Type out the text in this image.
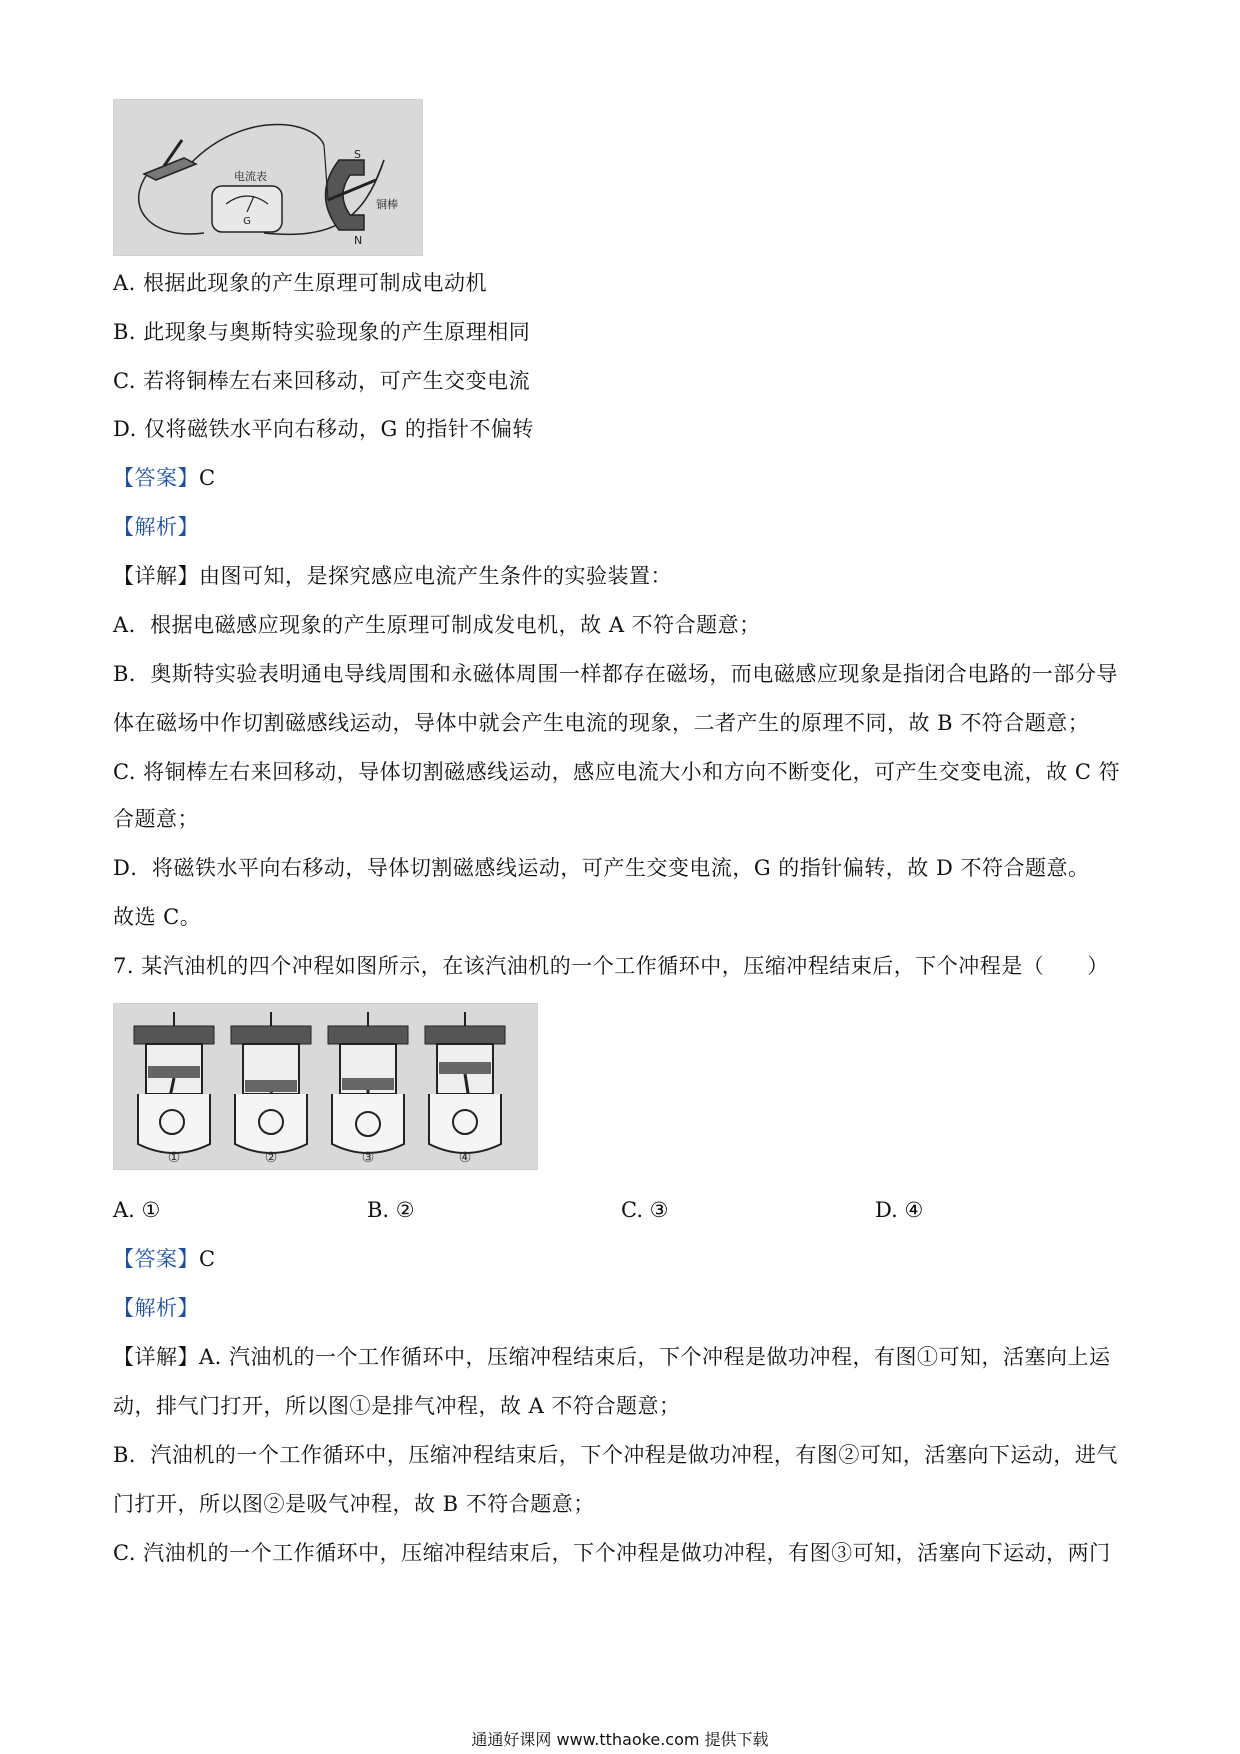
G
电流表
S
N
铜棒

A. 根据此现象的产生原理可制成电动机

B. 此现象与奥斯特实验现象的产生原理相同

C. 若将铜棒左右来回移动，可产生交变电流

D. 仅将磁铁水平向右移动，G 的指针不偏转

【答案】C

【解析】

【详解】由图可知，是探究感应电流产生条件的实验装置：

A．根据电磁感应现象的产生原理可制成发电机，故 A 不符合题意；

B．奥斯特实验表明通电导线周围和永磁体周围一样都存在磁场，而电磁感应现象是指闭合电路的一部分导

体在磁场中作切割磁感线运动，导体中就会产生电流的现象，二者产生的原理不同，故 B 不符合题意；

C. 将铜棒左右来回移动，导体切割磁感线运动，感应电流大小和方向不断变化，可产生交变电流，故 C 符

合题意；

D．将磁铁水平向右移动，导体切割磁感线运动，可产生交变电流，G 的指针偏转，故 D 不符合题意。

故选 C。

7. 某汽油机的四个冲程如图所示，在该汽油机的一个工作循环中，压缩冲程结束后，下个冲程是（　　）

①	②	③	④
A. ①	B. ②	C. ③	D. ④

【答案】C

【解析】

【详解】A. 汽油机的一个工作循环中，压缩冲程结束后，下个冲程是做功冲程，有图①可知，活塞向上运

动，排气门打开，所以图①是排气冲程，故 A 不符合题意；

B．汽油机的一个工作循环中，压缩冲程结束后，下个冲程是做功冲程，有图②可知，活塞向下运动，进气

门打开，所以图②是吸气冲程，故 B 不符合题意；

C. 汽油机的一个工作循环中，压缩冲程结束后，下个冲程是做功冲程，有图③可知，活塞向下运动，两门

通通好课网 www.tthaoke.com 提供下载
